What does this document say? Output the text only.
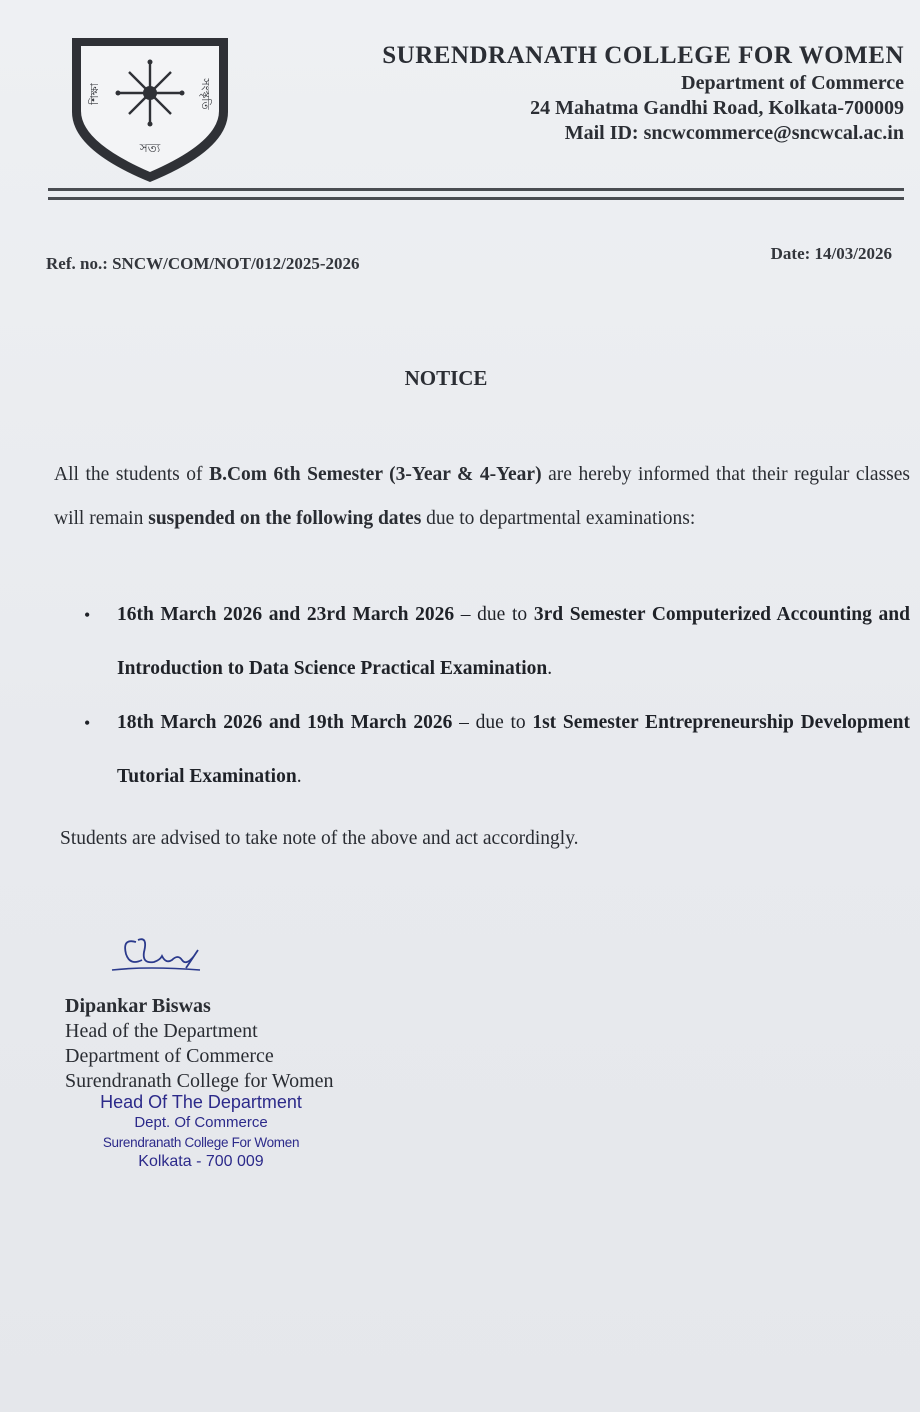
শিক্ষা	সংস্কৃতি
সত্য
SURENDRANATH COLLEGE FOR WOMEN
Department of Commerce
24 Mahatma Gandhi Road, Kolkata-700009
Mail ID: sncwcommerce@sncwcal.ac.in
Ref. no.: SNCW/COM/NOT/012/2025-2026
Date: 14/03/2026
NOTICE
All the students of B.Com 6th Semester (3-Year & 4-Year) are hereby informed that their regular classes will remain suspended on the following dates due to departmental examinations:
• 16th March 2026 and 23rd March 2026 – due to 3rd Semester Computerized Accounting and Introduction to Data Science Practical Examination.
• 18th March 2026 and 19th March 2026 – due to 1st Semester Entrepreneurship Development Tutorial Examination.
Students are advised to take note of the above and act accordingly.
Dipankar Biswas
Head of the Department
Department of Commerce
Surendranath College for Women
Head Of The Department
Dept. Of Commerce
Surendranath College For Women
Kolkata - 700 009
